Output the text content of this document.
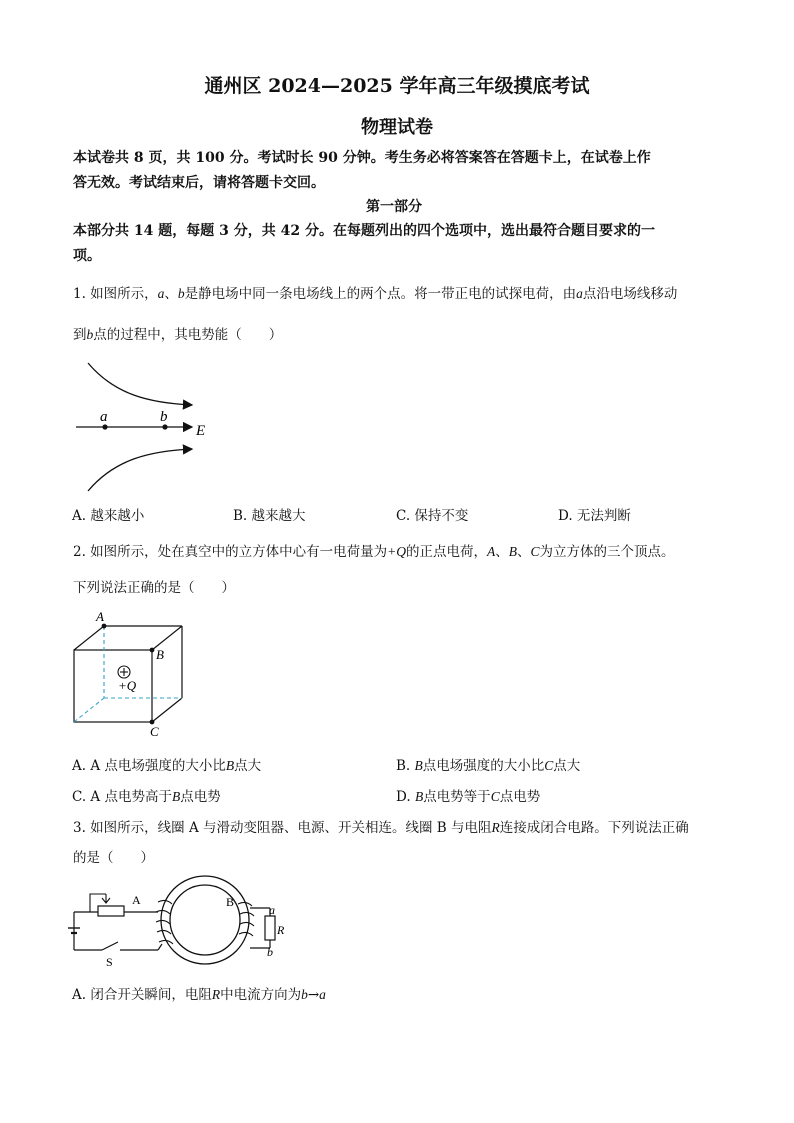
通州区 2024—2025 学年高三年级摸底考试
物理试卷
本试卷共 8 页，共 100 分。考试时长 90 分钟。考生务必将答案答在答题卡上，在试卷上作
答无效。考试结束后，请将答题卡交回。
第一部分
本部分共 14 题，每题 3 分，共 42 分。在每题列出的四个选项中，选出最符合题目要求的一
项。
1. 如图所示，a、b是静电场中同一条电场线上的两个点。将一带正电的试探电荷，由a点沿电场线移动
到b点的过程中，其电势能（　　）
a	b
E
A. 越来越小	B. 越来越大	C. 保持不变	D. 无法判断
2. 如图所示，处在真空中的立方体中心有一电荷量为+Q的正点电荷，A、B、C为立方体的三个顶点。
下列说法正确的是（　　）
A
B
C
+Q
A. A 点电场强度的大小比B点大	B. B点电场强度的大小比C点大
C. A 点电势高于B点电势	D. B点电势等于C点电势
3. 如图所示，线圈 A 与滑动变阻器、电源、开关相连。线圈 B 与电阻R连接成闭合电路。下列说法正确
的是（　　）
A	B
a
R
b
S
A. 闭合开关瞬间，电阻R中电流方向为b→a
